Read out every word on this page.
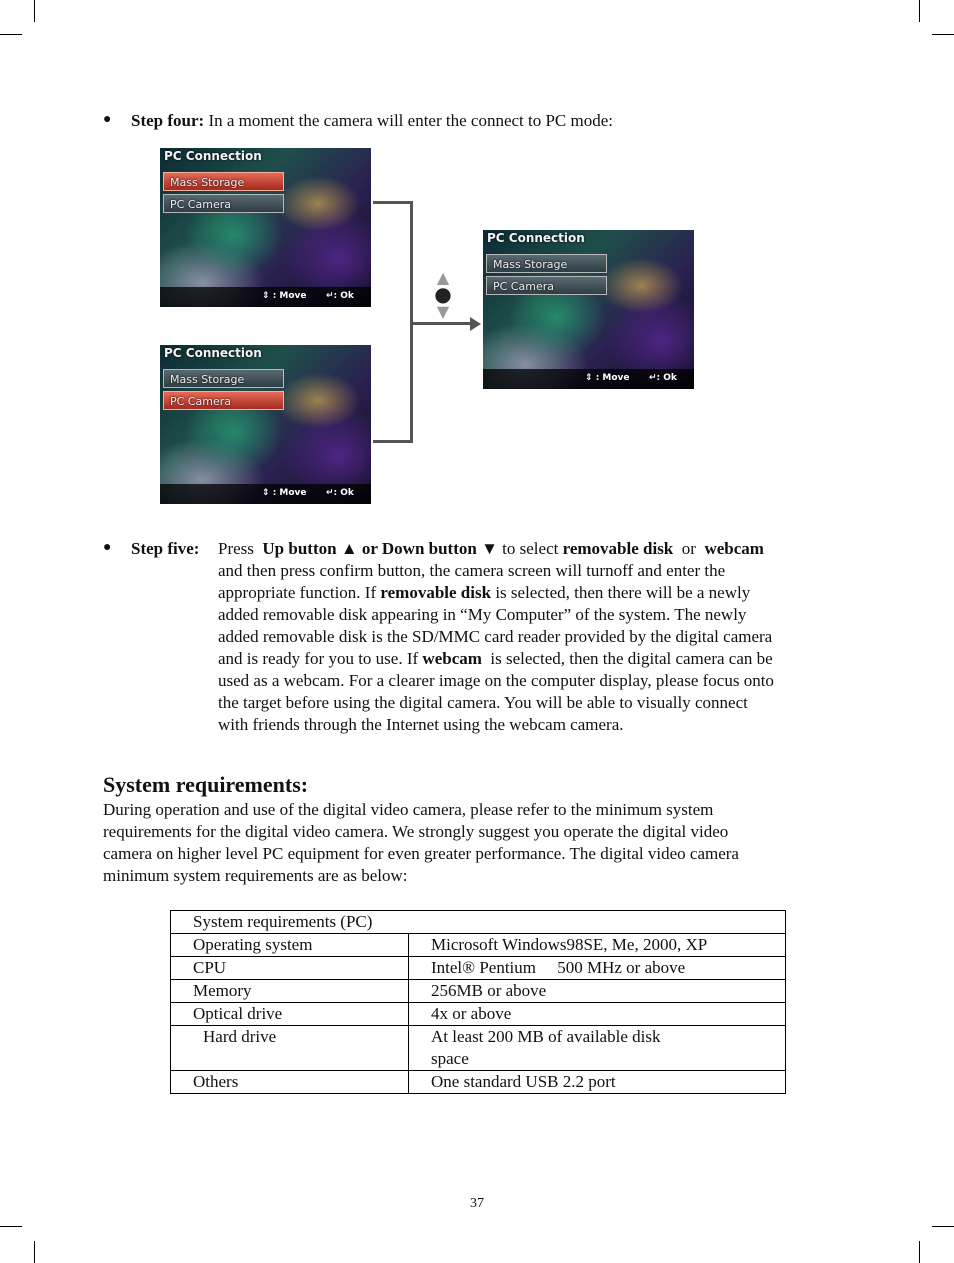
● Step four: In a moment the camera will enter the connect to PC mode:
PC Connection
Mass Storage
PC Camera
⇕ : Move ↵: Ok
PC Connection
Mass Storage
PC Camera
⇕ : Move ↵: Ok
PC Connection
Mass Storage
PC Camera
⇕ : Move ↵: Ok
▲
●
▼
● Step five: Press Up button ▲ or Down button ▼ to select removable disk or webcam
and then press confirm button, the camera screen will turnoff and enter the
appropriate function. If removable disk is selected, then there will be a newly
added removable disk appearing in “My Computer” of the system. The newly
added removable disk is the SD/MMC card reader provided by the digital camera
and is ready for you to use. If webcam is selected, then the digital camera can be
used as a webcam. For a clearer image on the computer display, please focus onto
the target before using the digital camera. You will be able to visually connect
with friends through the Internet using the webcam camera.
System requirements:
During operation and use of the digital video camera, please refer to the minimum system
requirements for the digital video camera. We strongly suggest you operate the digital video
camera on higher level PC equipment for even greater performance. The digital video camera
minimum system requirements are as below:
System requirements (PC)	
Operating system	Microsoft Windows98SE, Me, 2000, XP
CPU	Intel® Pentium     500 MHz or above
Memory	256MB or above
Optical drive	4x or above
Hard drive	At least 200 MB of available disk
space

Others	One standard USB 2.2 port
37
